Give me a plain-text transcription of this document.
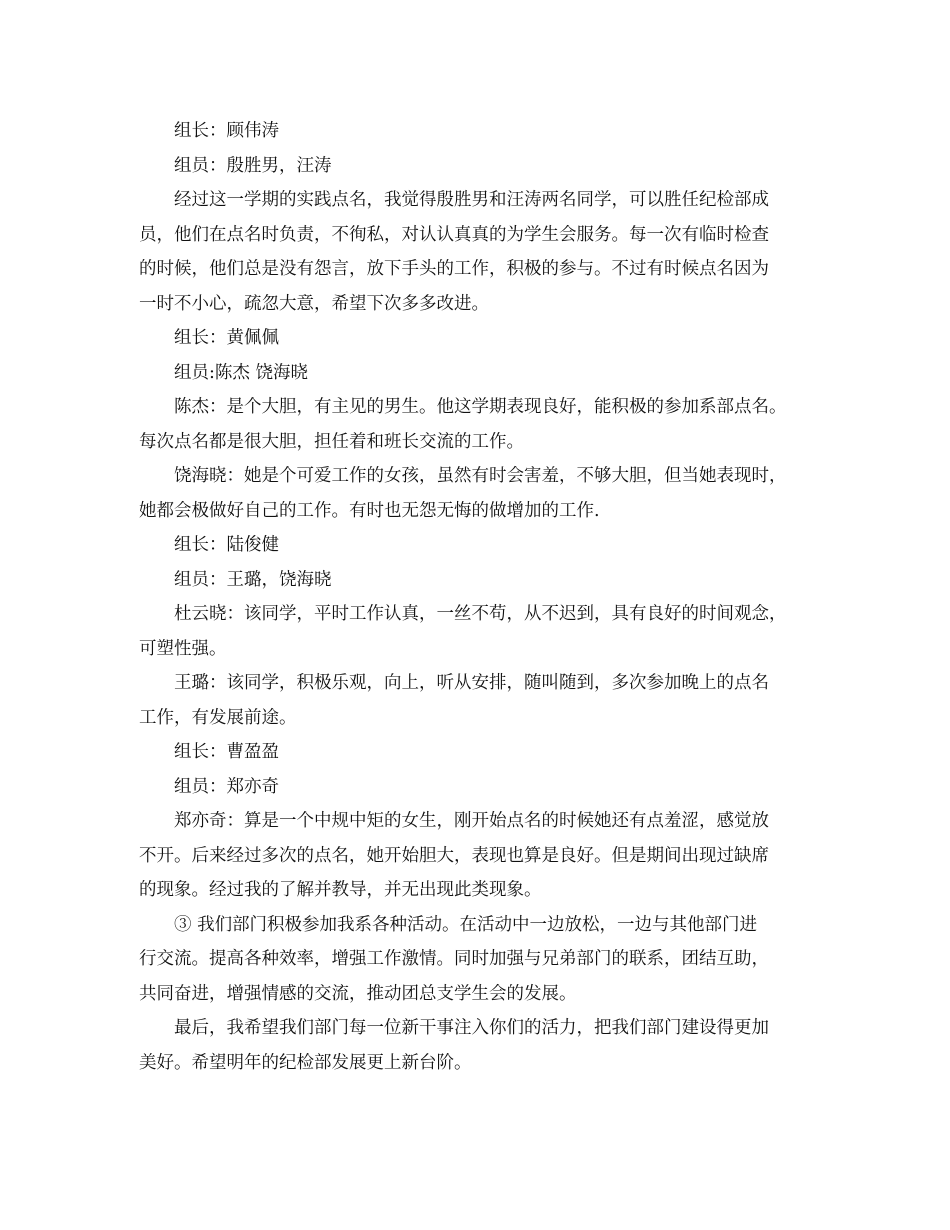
组长：顾伟涛

组员：殷胜男，汪涛

经过这一学期的实践点名，我觉得殷胜男和汪涛两名同学，可以胜任纪检部成
员，他们在点名时负责，不徇私，对认认真真的为学生会服务。每一次有临时检查
的时候，他们总是没有怨言，放下手头的工作，积极的参与。不过有时候点名因为
一时不小心，疏忽大意，希望下次多多改进。

组长：黄佩佩

组员:陈杰 饶海晓

陈杰：是个大胆，有主见的男生。他这学期表现良好，能积极的参加系部点名。
每次点名都是很大胆，担任着和班长交流的工作。

饶海晓：她是个可爱工作的女孩，虽然有时会害羞，不够大胆，但当她表现时，
她都会极做好自己的工作。有时也无怨无悔的做增加的工作.

组长：陆俊健

组员：王璐，饶海晓

杜云晓：该同学，平时工作认真，一丝不苟，从不迟到，具有良好的时间观念，
可塑性强。

王璐：该同学，积极乐观，向上，听从安排，随叫随到，多次参加晚上的点名
工作，有发展前途。

组长：曹盈盈

组员：郑亦奇

郑亦奇：算是一个中规中矩的女生，刚开始点名的时候她还有点羞涩，感觉放
不开。后来经过多次的点名，她开始胆大，表现也算是良好。但是期间出现过缺席
的现象。经过我的了解并教导，并无出现此类现象。

③ 我们部门积极参加我系各种活动。在活动中一边放松，一边与其他部门进
行交流。提高各种效率，增强工作激情。同时加强与兄弟部门的联系，团结互助，
共同奋进，增强情感的交流，推动团总支学生会的发展。

最后，我希望我们部门每一位新干事注入你们的活力，把我们部门建设得更加
美好。希望明年的纪检部发展更上新台阶。
